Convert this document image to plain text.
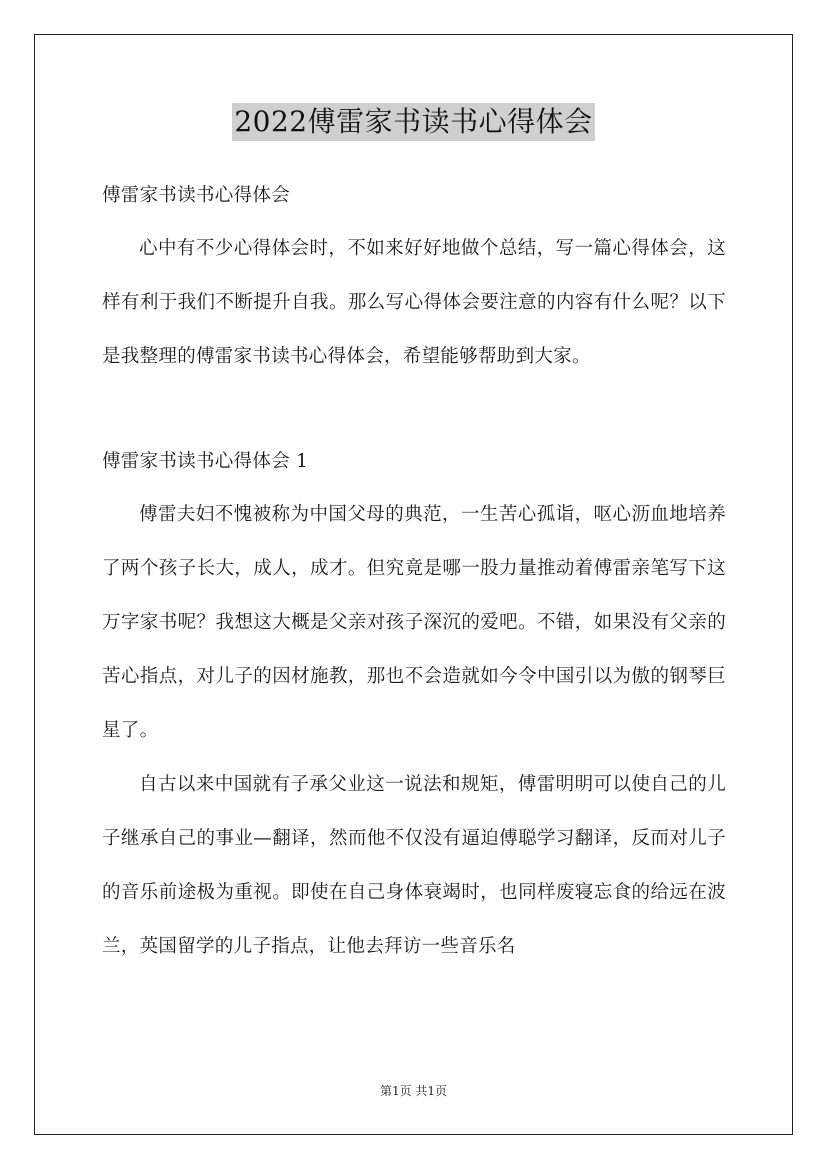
2022傅雷家书读书心得体会

傅雷家书读书心得体会

心中有不少心得体会时，不如来好好地做个总结，写一篇心得体会，这样有利于我们不断提升自我。那么写心得体会要注意的内容有什么呢？以下是我整理的傅雷家书读书心得体会，希望能够帮助到大家。

傅雷家书读书心得体会 1

傅雷夫妇不愧被称为中国父母的典范，一生苦心孤诣，呕心沥血地培养了两个孩子长大，成人，成才。但究竟是哪一股力量推动着傅雷亲笔写下这万字家书呢？我想这大概是父亲对孩子深沉的爱吧。不错，如果没有父亲的苦心指点，对儿子的因材施教，那也不会造就如今令中国引以为傲的钢琴巨星了。

自古以来中国就有子承父业这一说法和规矩，傅雷明明可以使自己的儿子继承自己的事业—翻译，然而他不仅没有逼迫傅聪学习翻译，反而对儿子的音乐前途极为重视。即使在自己身体衰竭时，也同样废寝忘食的给远在波兰，英国留学的儿子指点，让他去拜访一些音乐名

第1页 共1页
